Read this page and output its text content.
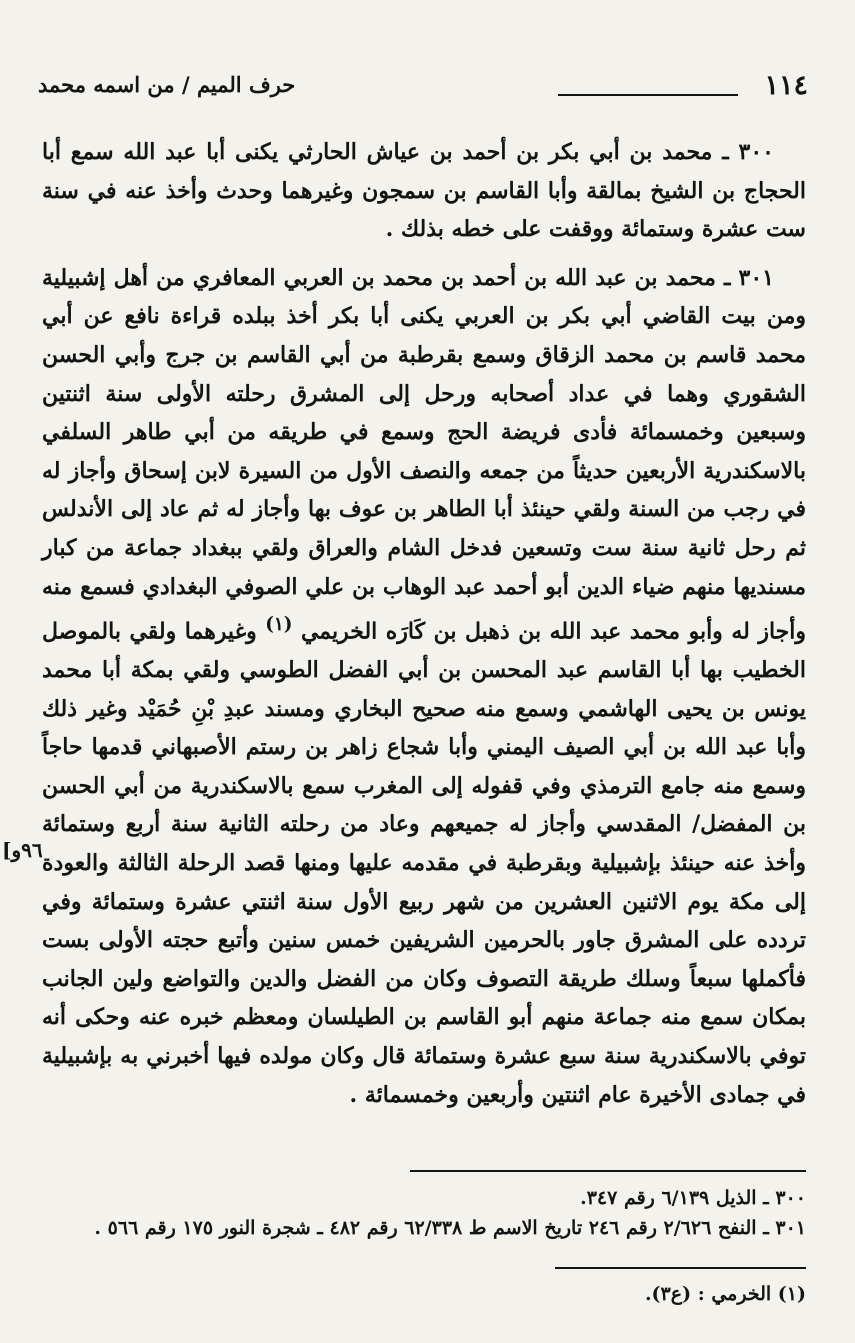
١١٤
حرف الميم / من اسمه محمد

٣٠٠ ـ محمد بن أبي بكر بن أحمد بن عياش الحارثي يكنى أبا عبد الله سمع أبا الحجاج بن الشيخ بمالقة وأبا القاسم بن سمجون وغيرهما وحدث وأخذ عنه في سنة ست عشرة وستمائة ووقفت على خطه بذلك .

٣٠١ ـ محمد بن عبد الله بن أحمد بن محمد بن العربي المعافري من أهل إشبيلية ومن بيت القاضي أبي بكر بن العربي يكنى أبا بكر أخذ ببلده قراءة نافع عن أبي محمد قاسم بن محمد الزقاق وسمع بقرطبة من أبي القاسم بن جرج وأبي الحسن الشقوري وهما في عداد أصحابه ورحل إلى المشرق رحلته الأولى سنة اثنتين وسبعين وخمسمائة فأدى فريضة الحج وسمع في طريقه من أبي طاهر السلفي بالاسكندرية الأربعين حديثاً من جمعه والنصف الأول من السيرة لابن إسحاق وأجاز له في رجب من السنة ولقي حينئذ أبا الطاهر بن عوف بها وأجاز له ثم عاد إلى الأندلس ثم رحل ثانية سنة ست وتسعين فدخل الشام والعراق ولقي ببغداد جماعة من كبار مسنديها منهم ضياء الدين أبو أحمد عبد الوهاب بن علي الصوفي البغدادي فسمع منه وأجاز له وأبو محمد عبد الله بن ذهبل بن كَارَه الخريمي $^{(١)}$ وغيرهما ولقي بالموصل الخطيب بها أبا القاسم عبد المحسن بن أبي الفضل الطوسي ولقي بمكة أبا محمد يونس بن يحيى الهاشمي وسمع منه صحيح البخاري ومسند عبدِ بْنِ حُمَيْد وغير ذلك وأبا عبد الله بن أبي الصيف اليمني وأبا شجاع زاهر بن رستم الأصبهاني قدمها حاجاً وسمع منه جامع الترمذي وفي قفوله إلى المغرب سمع بالاسكندرية من أبي الحسن بن المفضل/ المقدسي وأجاز له جميعهم وعاد من رحلته الثانية سنة أربع وستمائة وأخذ عنه حينئذ بإشبيلية وبقرطبة في مقدمه عليها ومنها قصد الرحلة الثالثة والعودة إلى مكة يوم الاثنين العشرين من شهر ربيع الأول سنة اثنتي عشرة وستمائة وفي تردده على المشرق جاور بالحرمين الشريفين خمس سنين وأتبع حجته الأولى بست فأكملها سبعاً وسلك طريقة التصوف وكان من الفضل والدين والتواضع ولين الجانب بمكان سمع منه جماعة منهم أبو القاسم بن الطيلسان ومعظم خبره عنه وحكى أنه توفي بالاسكندرية سنة سبع عشرة وستمائة قال وكان مولده فيها أخبرني به بإشبيلية في جمادى الأخيرة عام اثنتين وأربعين وخمسمائة .

٩٦و]
٣٠٠ ـ الذيل ٦/١٣٩ رقم ٣٤٧.
٣٠١ ـ النفح ٢/٦٢٦ رقم ٢٤٦ تاريخ الاسم ط ٦٢/٣٣٨ رقم ٤٨٢ ـ شجرة النور ١٧٥ رقم ٥٦٦ .
(١) الخرمي : (ع٣).
